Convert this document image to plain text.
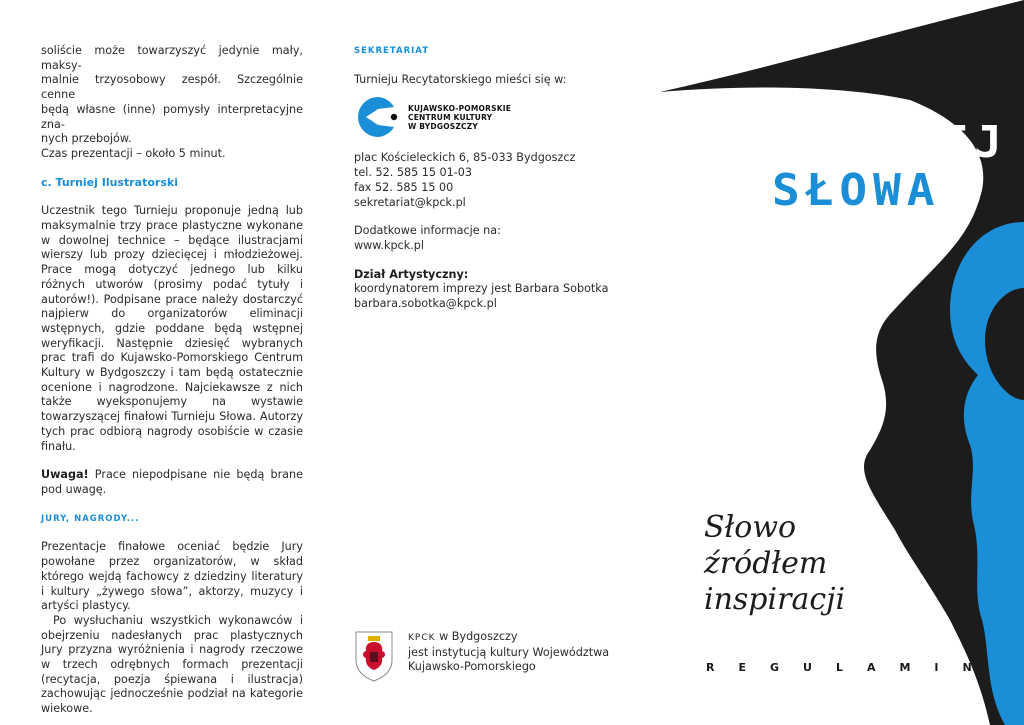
soliście może towarzyszyć jedynie mały, maksy-
malnie trzyosobowy zespół. Szczególnie cenne
będą własne (inne) pomysły interpretacyjne zna-
nych przebojów.
Czas prezentacji – około 5 minut.
c. Turniej Ilustratorski

Uczestnik tego Turnieju proponuje jedną lub maksymalnie trzy prace plastyczne wykonane w dowolnej technice – będące ilustracjami wierszy lub prozy dziecięcej i młodzieżowej. Prace mogą dotyczyć jednego lub kilku różnych utworów (prosimy podać tytuły i autorów!). Podpisane prace należy dostarczyć najpierw do organizatorów eliminacji wstępnych, gdzie poddane będą wstępnej weryfikacji. Następnie dziesięć wybranych prac trafi do Kujawsko-Pomorskiego Centrum Kultury w Bydgoszczy i tam będą ostatecznie ocenione i nagrodzone. Najciekawsze z nich także wyeksponujemy na wystawie towarzyszącej finałowi Turnieju Słowa. Autorzy tych prac odbiorą nagrody osobiście w czasie finału.

Uwaga! Prace niepodpisane nie będą brane pod uwagę.

JURY, NAGRODY...

Prezentacje finałowe oceniać będzie Jury powołane przez organizatorów, w skład którego wejdą fachowcy z dziedziny literatury i kultury „żywego słowa”, aktorzy, muzycy i artyści plastycy.

Po wysłuchaniu wszystkich wykonawców i obejrzeniu nadesłanych prac plastycznych Jury przyzna wyróżnienia i nagrody rzeczowe w trzech odrębnych formach prezentacji (recytacja, poezja śpiewana i ilustracja) zachowując jednocześnie podział na kategorie wiekowe.

SEKRETARIAT
Turnieju Recytatorskiego mieści się w:
KUJAWSKO-POMORSKIE
CENTRUM KULTURY
W BYDGOSZCZY
plac Kościeleckich 6, 85-033 Bydgoszcz
tel. 52. 585 15 01-03
fax 52. 585 15 00
sekretariat@kpck.pl
Dodatkowe informacje na:
www.kpck.pl
Dział Artystyczny:
koordynatorem imprezy jest Barbara Sobotka
barbara.sobotka@kpck.pl
KPCK w Bydgoszczy
jest instytucją kultury Województwa
Kujawsko-Pomorskiego
TURNIEJ
SŁOWA
Słowo
źródłem
inspiracji
REGULAMIN
